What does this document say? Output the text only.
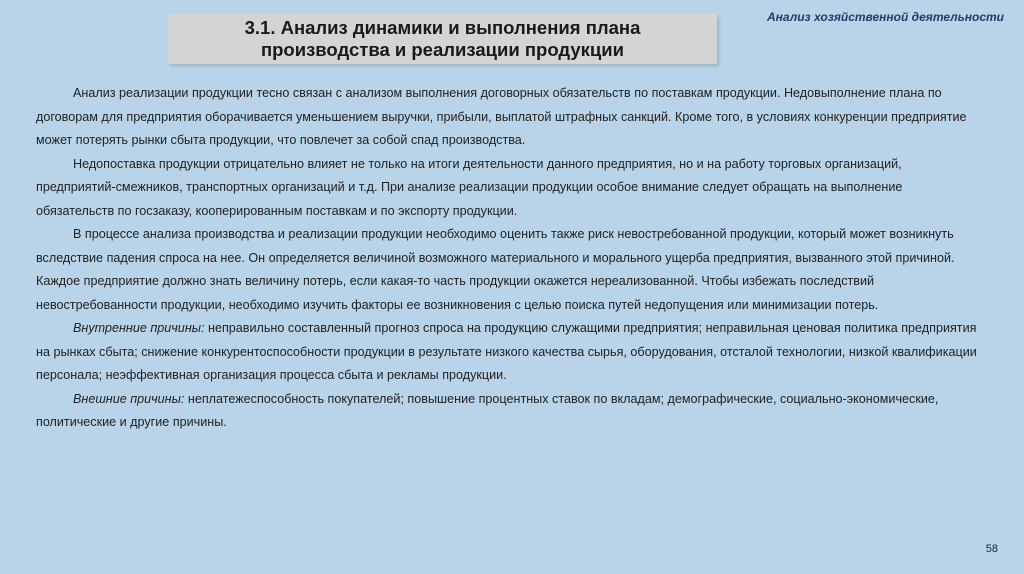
Анализ хозяйственной деятельности
3.1. Анализ динамики и выполнения плана
производства и реализации продукции

Анализ реализации продукции тесно связан с анализом выполнения договорных обязательств по поставкам продукции. Недовыполнение плана по договорам для предприятия оборачивается уменьшением выручки, прибыли, выплатой штрафных санкций. Кроме того, в условиях конкуренции предприятие может потерять рынки сбыта продукции, что повлечет за собой спад производства.

Недопоставка продукции отрицательно влияет не только на итоги деятельности данного предприятия, но и на работу торговых организаций, предприятий-смежников, транспортных организаций и т.д. При анализе реализации продукции особое внимание следует обращать на выполнение обязательств по госзаказу, кооперированным поставкам и по экспорту продукции.

В процессе анализа производства и реализации продукции необходимо оценить также риск невостребованной продукции, который может возникнуть вследствие падения спроса на нее. Он определяется величиной возможного материального и морального ущерба предприятия, вызванного этой причиной. Каждое предприятие должно знать величину потерь, если какая-то часть продукции окажется нереализованной. Чтобы избежать последствий невостребованности продукции, необходимо изучить факторы ее возникновения с целью поиска путей недопущения или минимизации потерь.

Внутренние причины: неправильно составленный прогноз спроса на продукцию служащими предприятия; неправильная ценовая политика предприятия на рынках сбыта; снижение конкурентоспособности продукции в результате низкого качества сырья, оборудования, отсталой технологии, низкой квалификации персонала; неэффективная организация процесса сбыта и рекламы продукции.

Внешние причины: неплатежеспособность покупателей; повышение процентных ставок по вкладам; демографические, социально-экономические, политические и другие причины.

58
